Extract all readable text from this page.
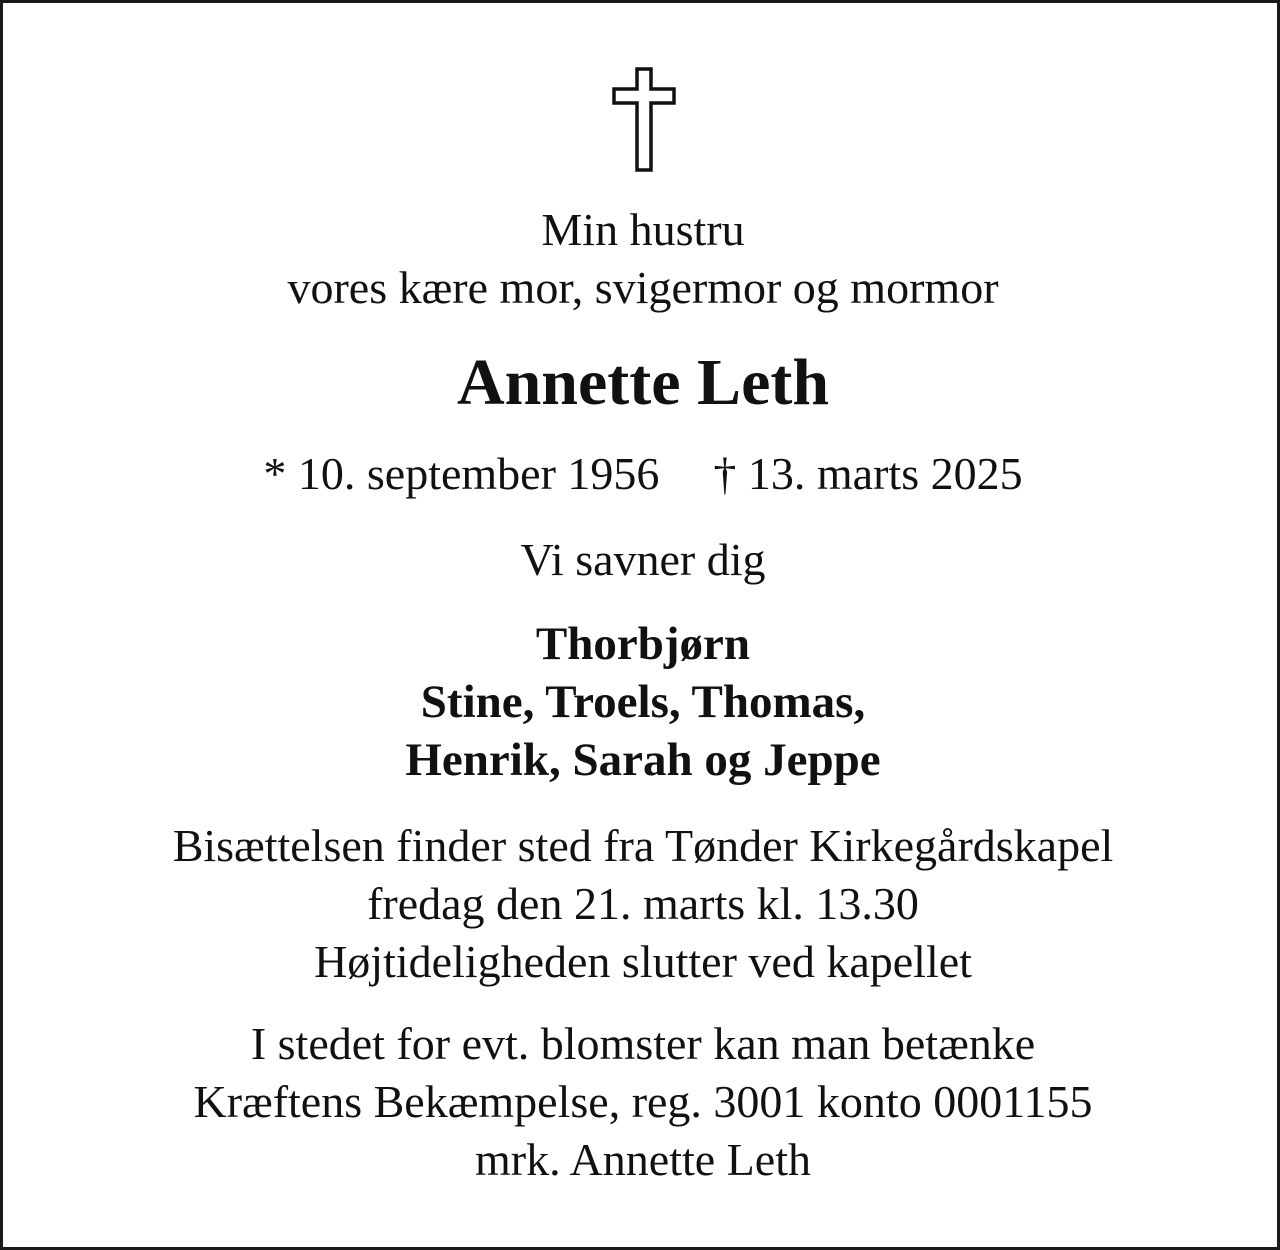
Min hustru
vores kære mor, svigermor og mormor
Annette Leth
* 10. september 1956 † 13. marts 2025
Vi savner dig
Thorbjørn
Stine, Troels, Thomas,
Henrik, Sarah og Jeppe
Bisættelsen finder sted fra Tønder Kirkegårdskapel
fredag den 21. marts kl. 13.30
Højtideligheden slutter ved kapellet
I stedet for evt. blomster kan man betænke
Kræftens Bekæmpelse, reg. 3001 konto 0001155
mrk. Annette Leth
